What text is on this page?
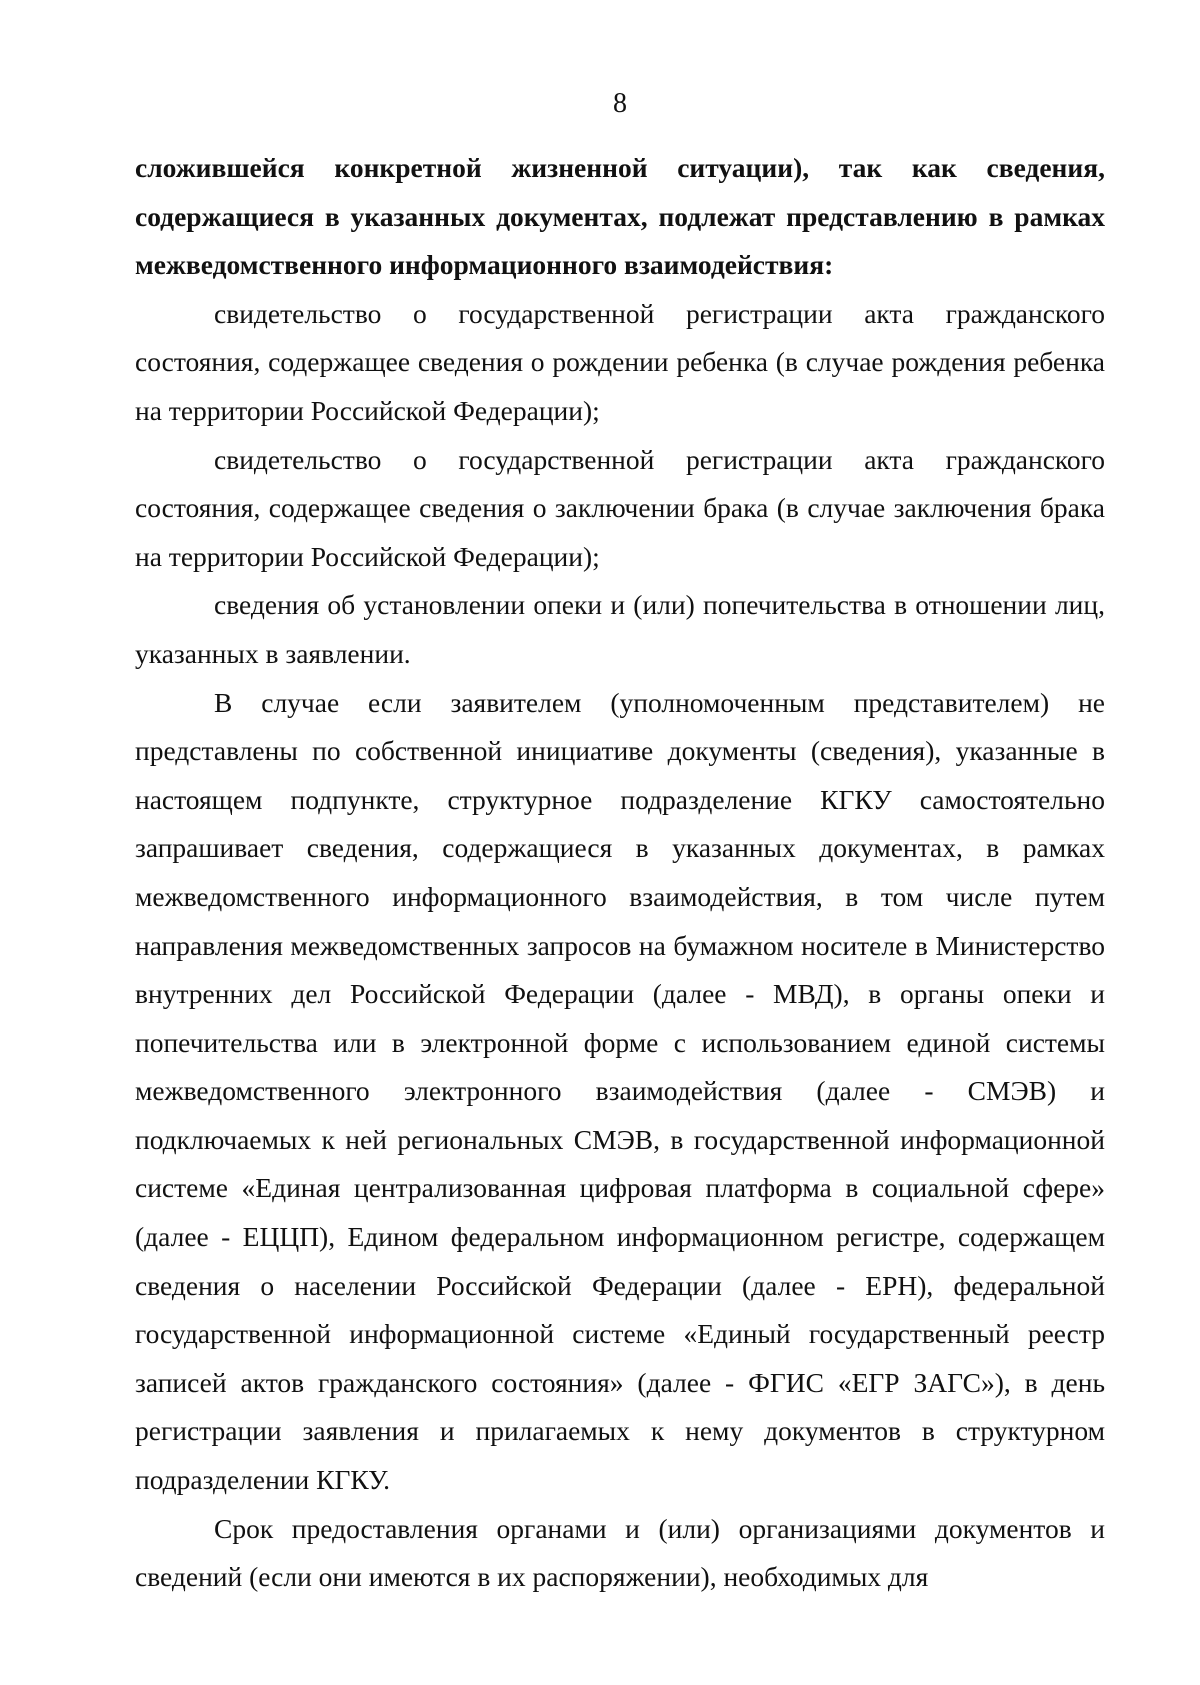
8

сложившейся конкретной жизненной ситуации), так как сведения, содержащиеся в указанных документах, подлежат представлению в рамках межведомственного информационного взаимодействия:

свидетельство о государственной регистрации акта гражданского состояния, содержащее сведения о рождении ребенка (в случае рождения ребенка на территории Российской Федерации);

свидетельство о государственной регистрации акта гражданского состояния, содержащее сведения о заключении брака (в случае заключения брака на территории Российской Федерации);

сведения об установлении опеки и (или) попечительства в отношении лиц, указанных в заявлении.

В случае если заявителем (уполномоченным представителем) не представлены по собственной инициативе документы (сведения), указанные в настоящем подпункте, структурное подразделение КГКУ самостоятельно запрашивает сведения, содержащиеся в указанных документах, в рамках межведомственного информационного взаимодействия, в том числе путем направления межведомственных запросов на бумажном носителе в Министерство внутренних дел Российской Федерации (далее - МВД), в органы опеки и попечительства или в электронной форме с использованием единой системы межведомственного электронного взаимодействия (далее - СМЭВ) и подключаемых к ней региональных СМЭВ, в государственной информационной системе «Единая централизованная цифровая платформа в социальной сфере» (далее - ЕЦЦП), Едином федеральном информационном регистре, содержащем сведения о населении Российской Федерации (далее - ЕРН), федеральной государственной информационной системе «Единый государственный реестр записей актов гражданского состояния» (далее - ФГИС «ЕГР ЗАГС»), в день регистрации заявления и прилагаемых к нему документов в структурном подразделении КГКУ.

Срок предоставления органами и (или) организациями документов и сведений (если они имеются в их распоряжении), необходимых для
